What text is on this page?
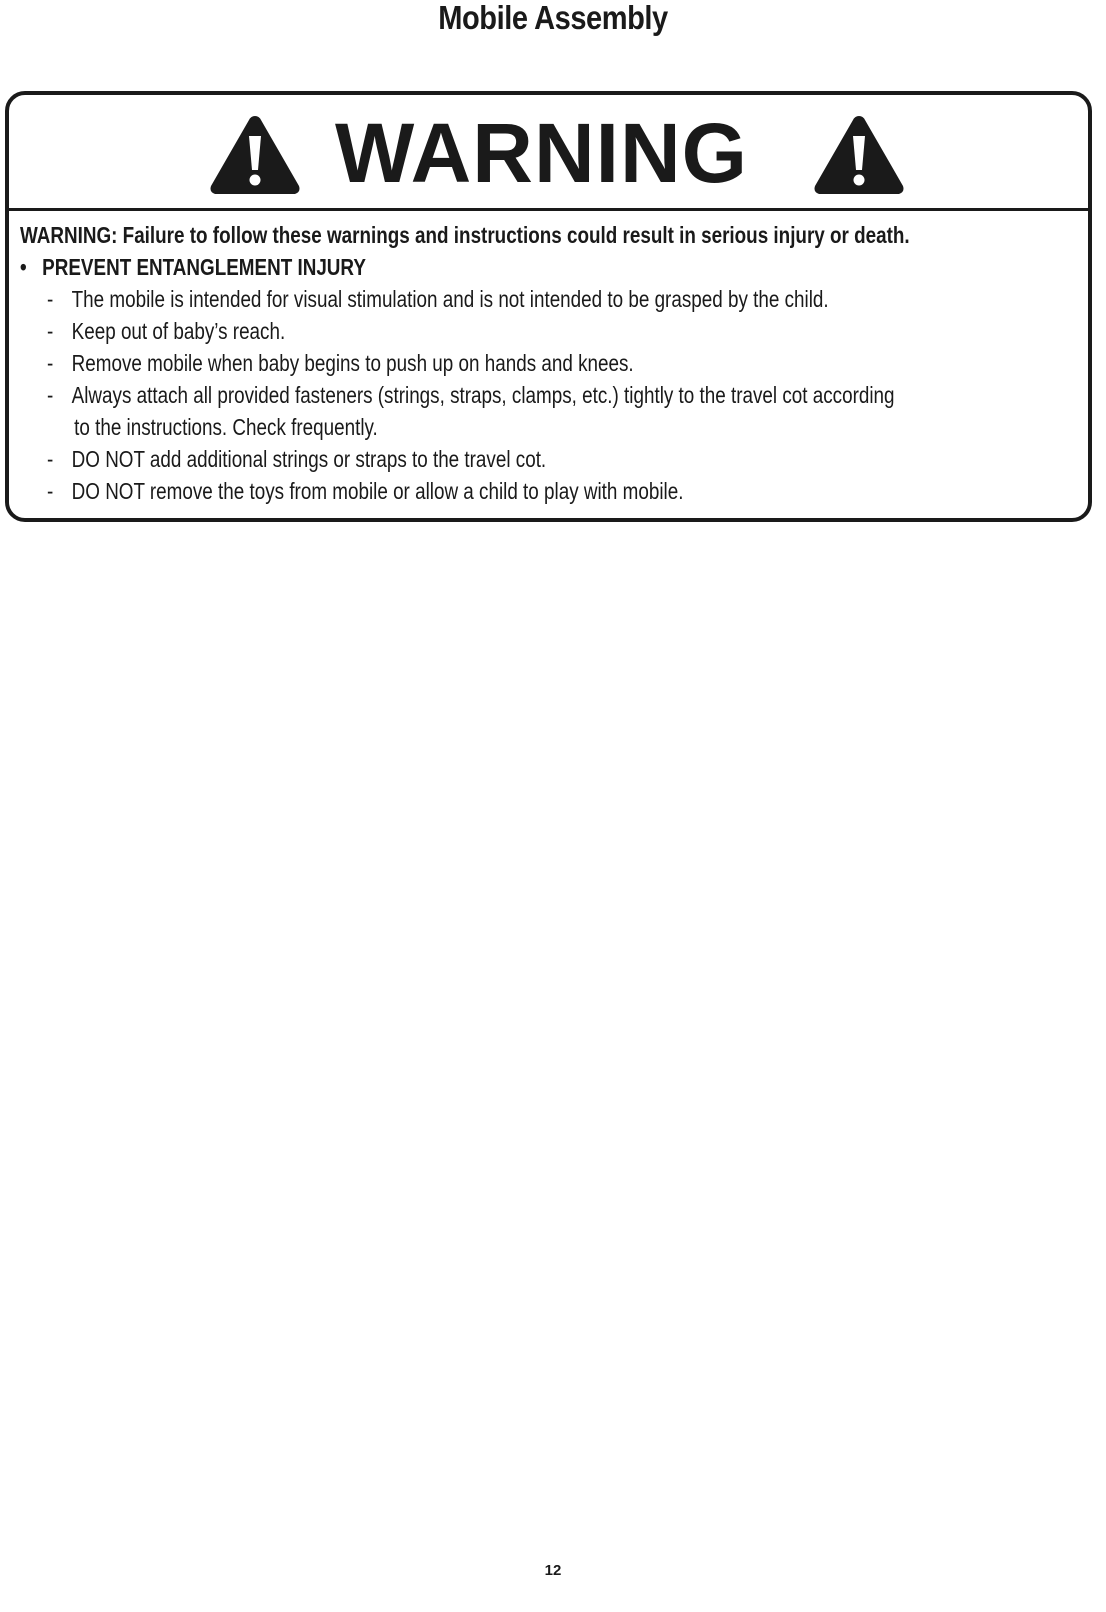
Mobile Assembly
WARNING
WARNING: Failure to follow these warnings and instructions could result in serious injury or death.
• PREVENT ENTANGLEMENT INJURY
- The mobile is intended for visual stimulation and is not intended to be grasped by the child.
- Keep out of baby’s reach.
- Remove mobile when baby begins to push up on hands and knees.
- Always attach all provided fasteners (strings, straps, clamps, etc.) tightly to the travel cot according
to the instructions. Check frequently.
- DO NOT add additional strings or straps to the travel cot.
- DO NOT remove the toys from mobile or allow a child to play with mobile.
12
